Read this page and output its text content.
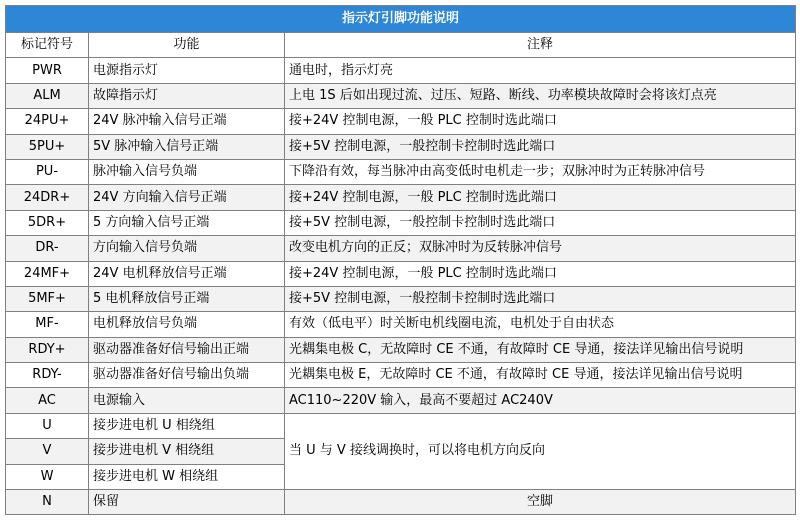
指示灯引脚功能说明		
标记符号	功能	注释
PWR	电源指示灯	通电时，指示灯亮
ALM	故障指示灯	上电 1S 后如出现过流、过压、短路、断线、功率模块故障时会将该灯点亮
24PU+	24V 脉冲输入信号正端	接+24V 控制电源，一般 PLC 控制时选此端口
5PU+	5V 脉冲输入信号正端	接+5V 控制电源，一般控制卡控制时选此端口
PU-	脉冲输入信号负端	下降沿有效，每当脉冲由高变低时电机走一步；双脉冲时为正转脉冲信号
24DR+	24V 方向输入信号正端	接+24V 控制电源，一般 PLC 控制时选此端口
5DR+	5 方向输入信号正端	接+5V 控制电源，一般控制卡控制时选此端口
DR-	方向输入信号负端	改变电机方向的正反；双脉冲时为反转脉冲信号
24MF+	24V 电机释放信号正端	接+24V 控制电源，一般 PLC 控制时选此端口
5MF+	5 电机释放信号正端	接+5V 控制电源，一般控制卡控制时选此端口
MF-	电机释放信号负端	有效（低电平）时关断电机线圈电流，电机处于自由状态
RDY+	驱动器准备好信号输出正端	光耦集电极 C，无故障时 CE 不通，有故障时 CE 导通，接法详见输出信号说明
RDY-	驱动器准备好信号输出负端	光耦集电极 E，无故障时 CE 不通，有故障时 CE 导通，接法详见输出信号说明
AC	电源输入	AC110~220V 输入，最高不要超过 AC240V
U	接步进电机 U 相绕组	当 U 与 V 接线调换时，可以将电机方向反向
V	接步进电机 V 相绕组	
W	接步进电机 W 相绕组	
N	保留	空脚
